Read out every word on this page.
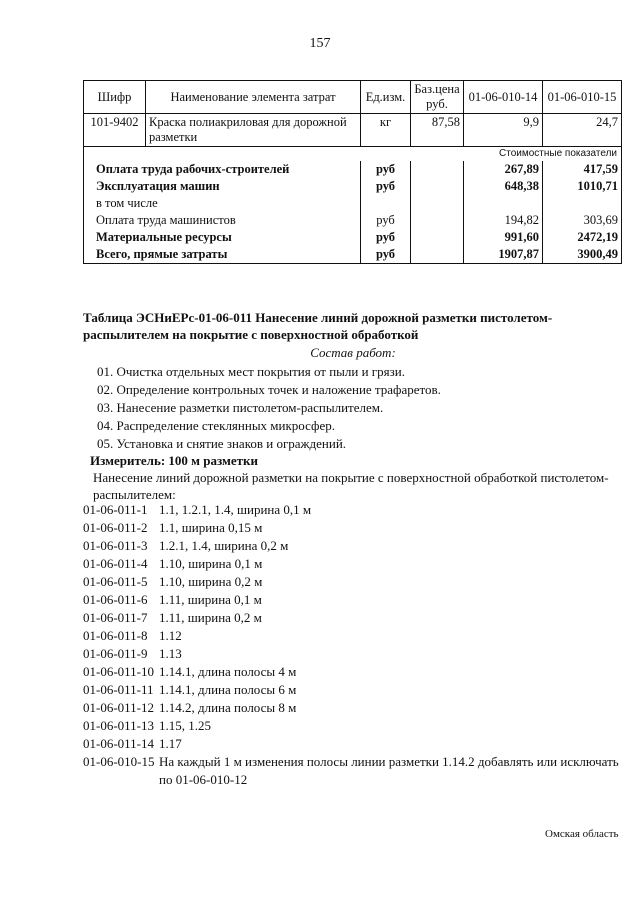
157
Шифр	Наименование элемента затрат	Ед.изм.	Баз.цена руб.	01-06-010-14	01-06-010-15
101-9402	Краска полиакриловая для дорожной разметки	кг	87,58	9,9	24,7
Стоимостные показатели					
Оплата труда рабочих-строителей		руб		267,89	417,59
Эксплуатация машин		руб		648,38	1010,71
в том числе					
Оплата труда машинистов		руб		194,82	303,69
Материальные ресурсы		руб		991,60	2472,19
Всего, прямые затраты		руб		1907,87	3900,49
Таблица ЭСНиЕРс-01-06-011 Нанесение линий дорожной разметки пистолетом-
распылителем на покрытие с поверхностной обработкой
Состав работ:
01. Очистка отдельных мест покрытия от пыли и грязи.
02. Определение контрольных точек и наложение трафаретов.
03. Нанесение разметки пистолетом-распылителем.
04. Распределение стеклянных микросфер.
05. Установка и снятие знаков и ограждений.
Измеритель: 100 м разметки
Нанесение линий дорожной разметки на покрытие с поверхностной обработкой пистолетом-
распылителем:
01-06-011-1 1.1, 1.2.1, 1.4, ширина 0,1 м
01-06-011-2 1.1, ширина 0,15 м
01-06-011-3 1.2.1, 1.4, ширина 0,2 м
01-06-011-4 1.10, ширина 0,1 м
01-06-011-5 1.10, ширина 0,2 м
01-06-011-6 1.11, ширина 0,1 м
01-06-011-7 1.11, ширина 0,2 м
01-06-011-8 1.12
01-06-011-9 1.13
01-06-011-10 1.14.1, длина полосы 4 м
01-06-011-11 1.14.1, длина полосы 6 м
01-06-011-12 1.14.2, длина полосы 8 м
01-06-011-13 1.15, 1.25
01-06-011-14 1.17
01-06-010-15 На каждый 1 м изменения полосы линии разметки 1.14.2 добавлять или исключать
по 01-06-010-12
Омская область
